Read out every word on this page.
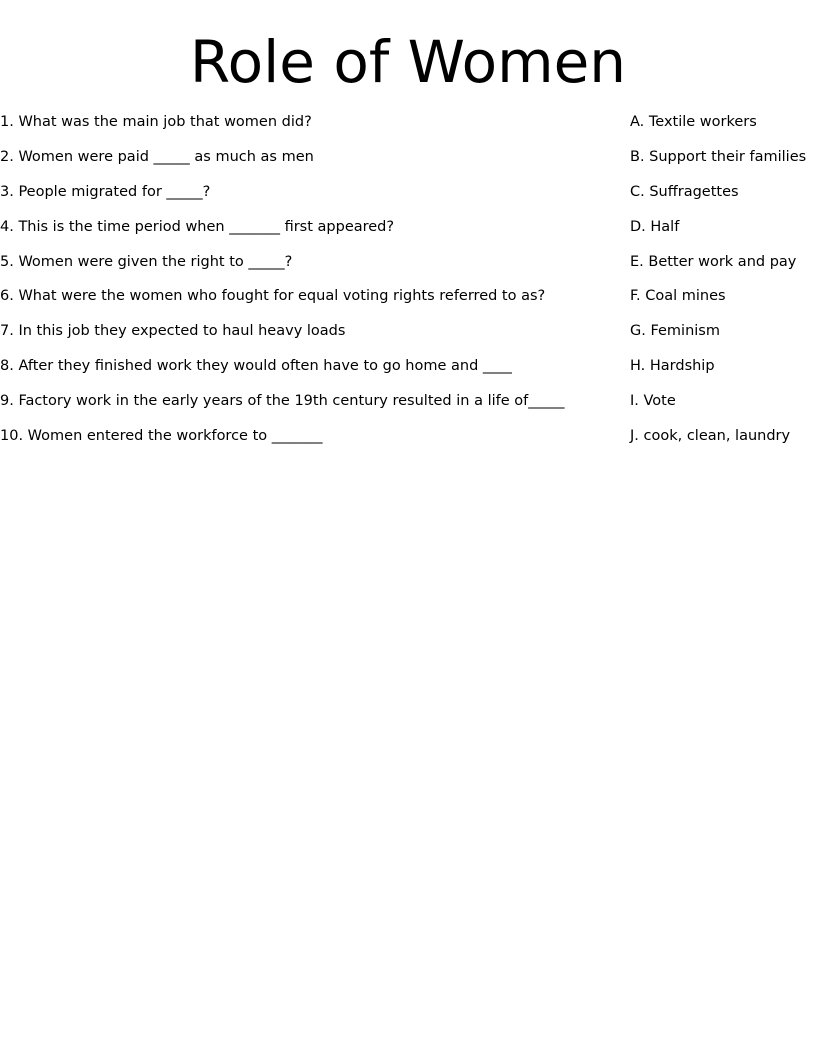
Role of Women
1. What was the main job that women did?
2. Women were paid _____ as much as men
3. People migrated for _____?
4. This is the time period when _______ first appeared?
5. Women were given the right to _____?
6. What were the women who fought for equal voting rights referred to as?
7. In this job they expected to haul heavy loads
8. After they finished work they would often have to go home and ____
9. Factory work in the early years of the 19th century resulted in a life of_____
10. Women entered the workforce to _______
A. Textile workers
B. Support their families
C. Suffragettes
D. Half
E. Better work and pay
F. Coal mines
G. Feminism
H. Hardship
I. Vote
J. cook, clean, laundry
